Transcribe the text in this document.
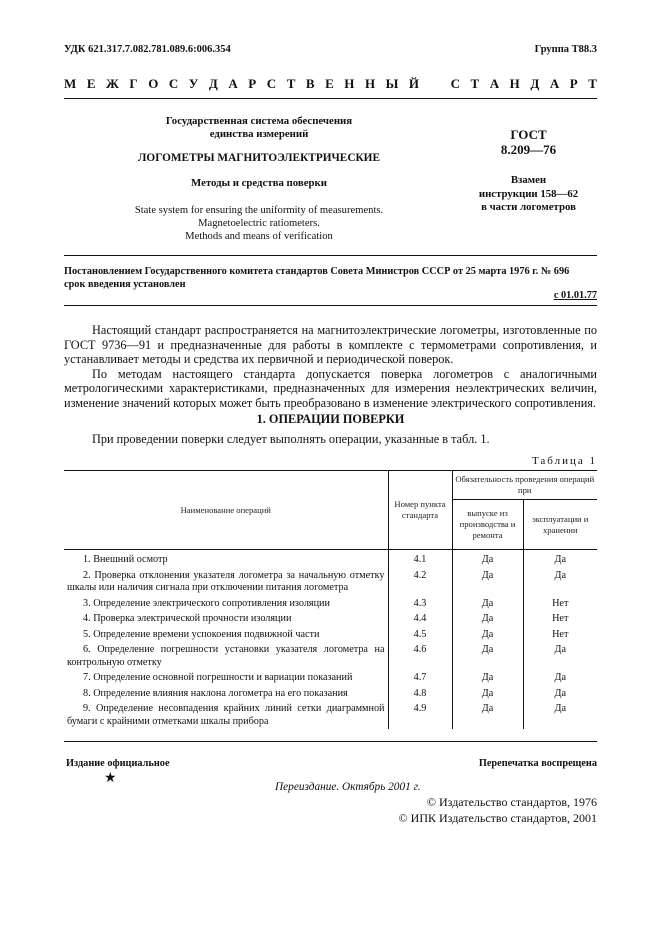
УДК 621.317.7.082.781.089.6:006.354	Группа Т88.3
М Е Ж Г О С У Д А Р С Т В Е Н Н Ы Й С Т А Н Д А Р Т
Государственная система обеспечения
единства измерений
ЛОГОМЕТРЫ МАГНИТОЭЛЕКТРИЧЕСКИЕ
Методы и средства поверки
State system for ensuring the uniformity of measurements.
Magnetoelectric ratiometers.
Methods and means of verification
ГОСТ
8.209—76
Взамен
инструкции 158—62
в части логометров
Постановлением Государственного комитета стандартов Совета Министров СССР от 25 марта 1976 г. № 696
срок введения установлен
с 01.01.77
Настоящий стандарт распространяется на магнитоэлектрические логометры, изготовленные по ГОСТ 9736—91 и предназначенные для работы в комплекте с термометрами сопротивления, и устанавливает методы и средства их первичной и периодической поверок.
По методам настоящего стандарта допускается поверка логометров с аналогичными метрологическими характеристиками, предназначенных для измерения неэлектрических величин, изменение значений которых может быть преобразовано в изменение электрического сопротивления.
1. ОПЕРАЦИИ ПОВЕРКИ
При проведении поверки следует выполнять операции, указанные в табл. 1.
Таблица 1
Наименование операций	Номер пункта стандарта	Обязательность проведения операций при	
		выпуске из производства и ремонта	эксплуатации и хранении
1. Внешний осмотр	4.1	Да	Да
2. Проверка отклонения указателя логометра за начальную отметку шкалы или наличия сигнала при отключении питания логометра	4.2	Да	Да
3. Определение электрического сопротивления изоляции	4.3	Да	Нет
4. Проверка электрической прочности изоляции	4.4	Да	Нет
5. Определение времени успокоения подвижной части	4.5	Да	Нет
6. Определение погрешности установки указателя логометра на контрольную отметку	4.6	Да	Да
7. Определение основной погрешности и вариации показаний	4.7	Да	Да
8. Определение влияния наклона логометра на его показания	4.8	Да	Да
9. Определение несовпадения крайних линий сетки диаграммной бумаги с крайними отметками шкалы прибора	4.9	Да	Да
Издание официальное
★
Перепечатка воспрещена
Переиздание. Октябрь 2001 г.
© Издательство стандартов, 1976
© ИПК Издательство стандартов, 2001
